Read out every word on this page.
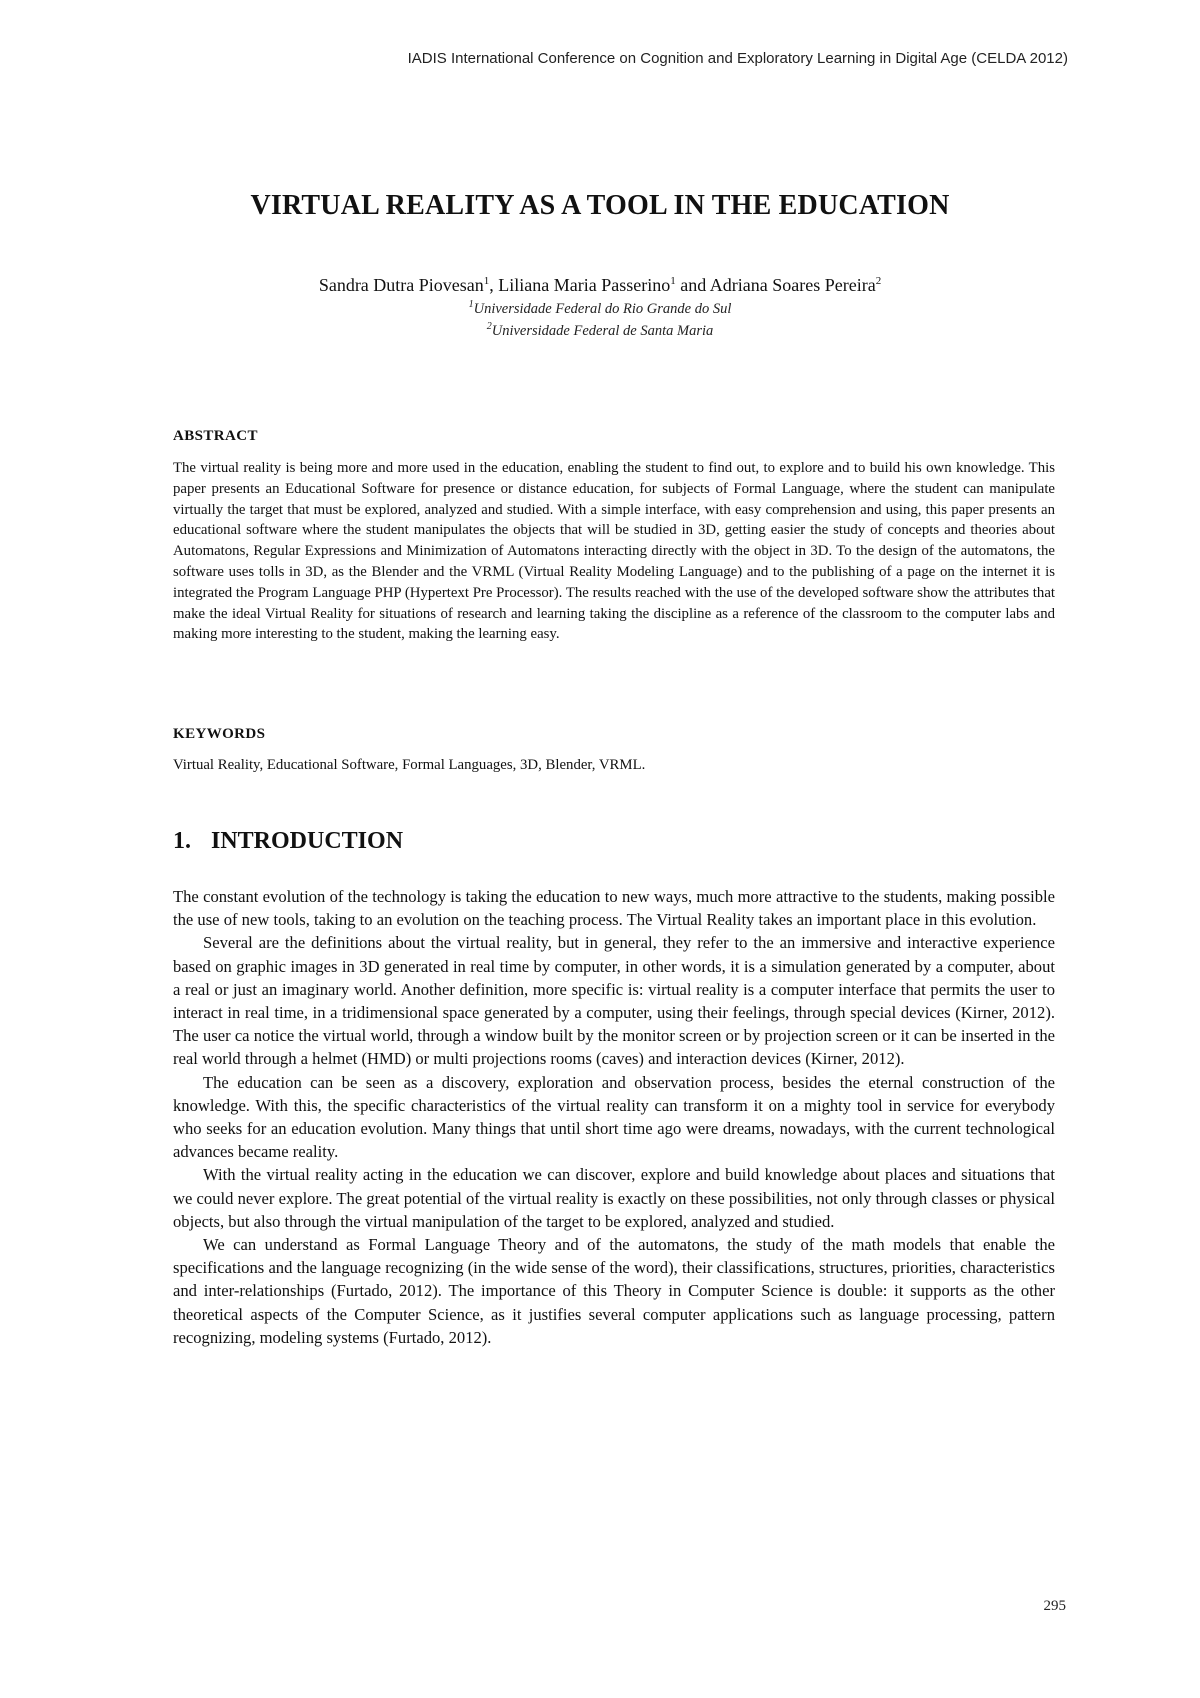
IADIS International Conference on Cognition and Exploratory Learning in Digital Age (CELDA 2012)
VIRTUAL REALITY AS A TOOL IN THE EDUCATION
Sandra Dutra Piovesan$^1$, Liliana Maria Passerino$^1$ and Adriana Soares Pereira$^2$
$^1$Universidade Federal do Rio Grande do Sul
$^2$Universidade Federal de Santa Maria
ABSTRACT

The virtual reality is being more and more used in the education, enabling the student to find out, to explore and to build his own knowledge. This paper presents an Educational Software for presence or distance education, for subjects of Formal Language, where the student can manipulate virtually the target that must be explored, analyzed and studied. With a simple interface, with easy comprehension and using, this paper presents an educational software where the student manipulates the objects that will be studied in 3D, getting easier the study of concepts and theories about Automatons, Regular Expressions and Minimization of Automatons interacting directly with the object in 3D. To the design of the automatons, the software uses tolls in 3D, as the Blender and the VRML (Virtual Reality Modeling Language) and to the publishing of a page on the internet it is integrated the Program Language PHP (Hypertext Pre Processor). The results reached with the use of the developed software show the attributes that make the ideal Virtual Reality for situations of research and learning taking the discipline as a reference of the classroom to the computer labs and making more interesting to the student, making the learning easy.

KEYWORDS

Virtual Reality, Educational Software, Formal Languages, 3D, Blender, VRML.

1. INTRODUCTION

The constant evolution of the technology is taking the education to new ways, much more attractive to the students, making possible the use of new tools, taking to an evolution on the teaching process. The Virtual Reality takes an important place in this evolution.

Several are the definitions about the virtual reality, but in general, they refer to the an immersive and interactive experience based on graphic images in 3D generated in real time by computer, in other words, it is a simulation generated by a computer, about a real or just an imaginary world. Another definition, more specific is: virtual reality is a computer interface that permits the user to interact in real time, in a tridimensional space generated by a computer, using their feelings, through special devices (Kirner, 2012). The user ca notice the virtual world, through a window built by the monitor screen or by projection screen or it can be inserted in the real world through a helmet (HMD) or multi projections rooms (caves) and interaction devices (Kirner, 2012).

The education can be seen as a discovery, exploration and observation process, besides the eternal construction of the knowledge. With this, the specific characteristics of the virtual reality can transform it on a mighty tool in service for everybody who seeks for an education evolution. Many things that until short time ago were dreams, nowadays, with the current technological advances became reality.

With the virtual reality acting in the education we can discover, explore and build knowledge about places and situations that we could never explore. The great potential of the virtual reality is exactly on these possibilities, not only through classes or physical objects, but also through the virtual manipulation of the target to be explored, analyzed and studied.

We can understand as Formal Language Theory and of the automatons, the study of the math models that enable the specifications and the language recognizing (in the wide sense of the word), their classifications, structures, priorities, characteristics and inter-relationships (Furtado, 2012). The importance of this Theory in Computer Science is double: it supports as the other theoretical aspects of the Computer Science, as it justifies several computer applications such as language processing, pattern recognizing, modeling systems (Furtado, 2012).

295
